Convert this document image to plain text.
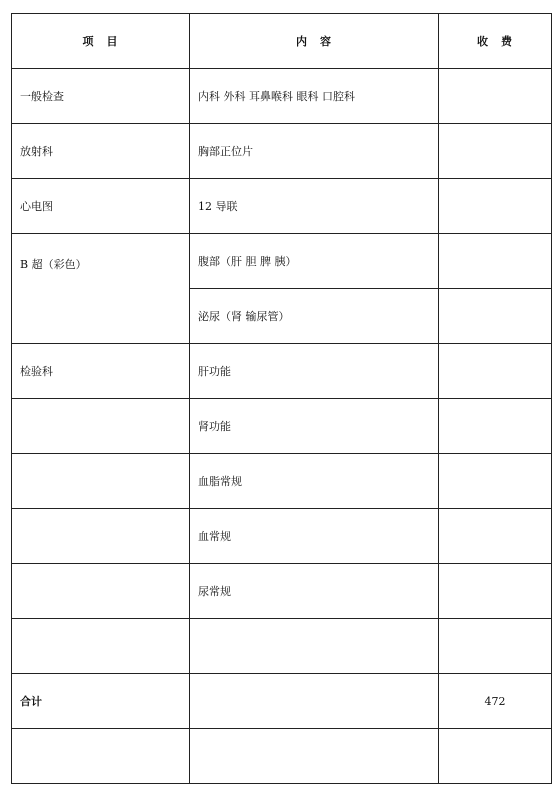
项　目	内　容	收　费
一般检查	内科 外科 耳鼻喉科 眼科 口腔科	
放射科	胸部正位片	
心电图	12 导联	
B 超（彩色）	腹部（肝 胆 脾 胰）	
	泌尿（肾 输尿管）	
检验科	肝功能	
	肾功能	
	血脂常规	
	血常规	
	尿常规	

合计		472
